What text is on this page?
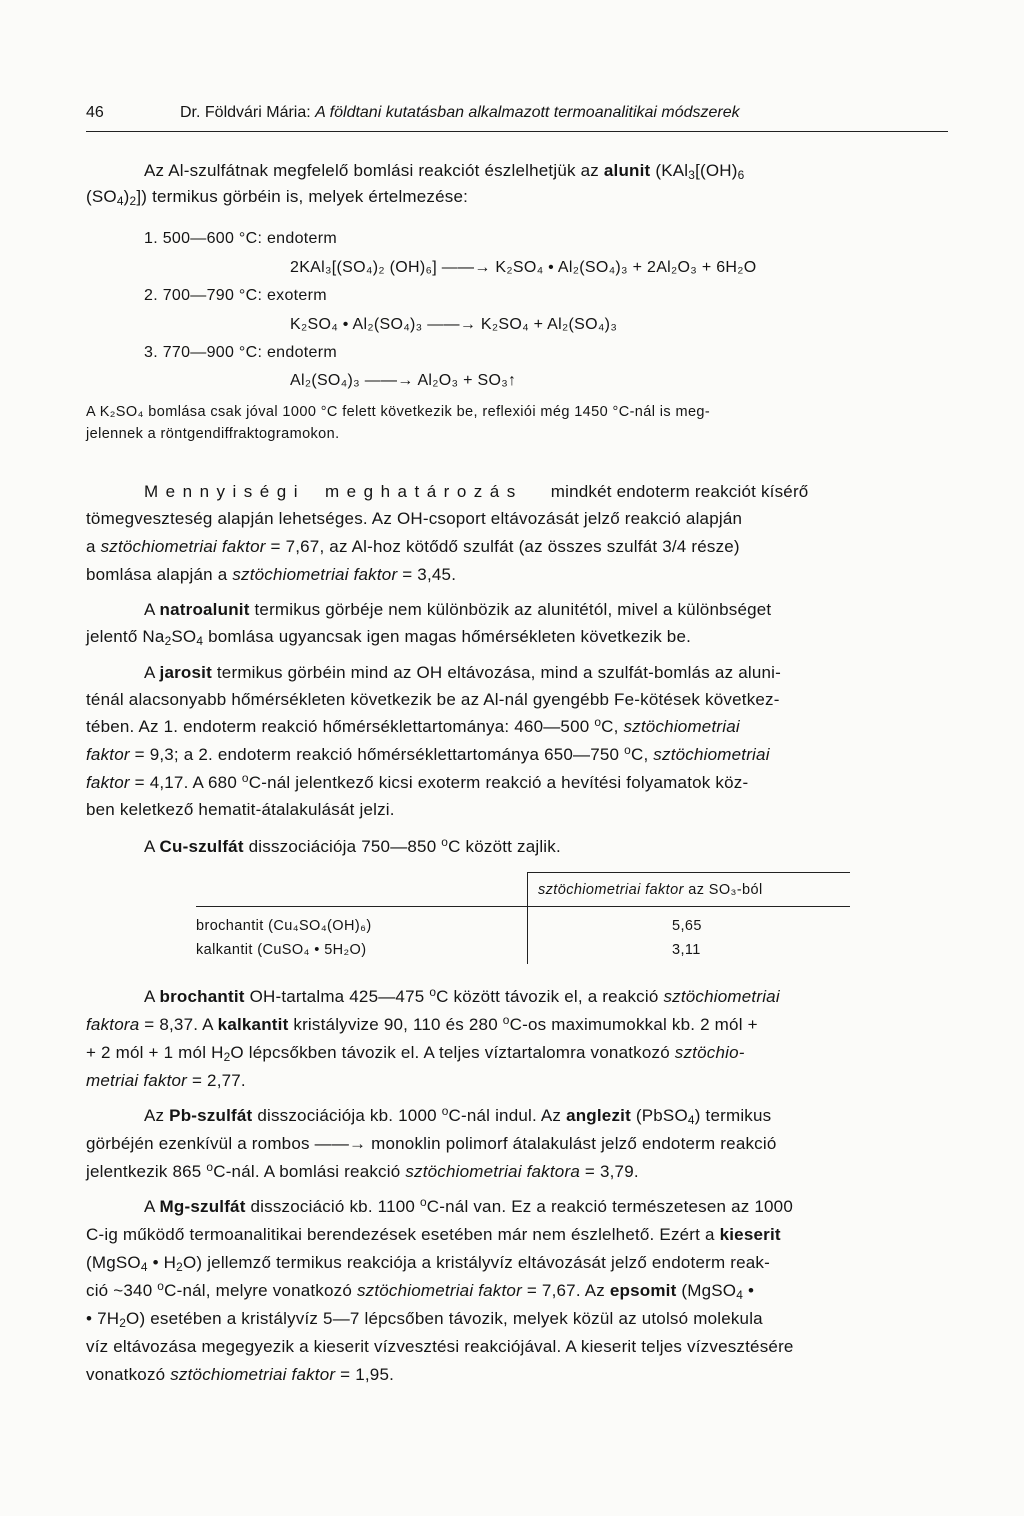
46	Dr. Földvári Mária: A földtani kutatásban alkalmazott termoanalitikai módszerek
Az Al-szulfátnak megfelelő bomlási reakciót észlelhetjük az alunit ($KAl_3[(OH)_6$
$(SO_4)_2$]) termikus görbéin is, melyek értelmezése:
1. 500—600 °C: endoterm
2KAl₃[(SO₄)₂ (OH)₆] ——→ K₂SO₄ • Al₂(SO₄)₃ + 2Al₂O₃ + 6H₂O
2. 700—790 °C: exoterm
K₂SO₄ • Al₂(SO₄)₃ ——→ K₂SO₄ + Al₂(SO₄)₃
3. 770—900 °C: endoterm
Al₂(SO₄)₃ ——→ Al₂O₃ + SO₃↑
A K₂SO₄ bomlása csak jóval 1000 °C felett következik be, reflexiói még 1450 °C-nál is meg-
jelennek a röntgendiffraktogramokon.
Mennyiségi meghatározás mindkét endoterm reakciót kísérő
tömegveszteség alapján lehetséges. Az OH-csoport eltávozását jelző reakció alapján
a sztöchiometriai faktor = 7,67, az Al-hoz kötődő szulfát (az összes szulfát 3/4 része)
bomlása alapján a sztöchiometriai faktor = 3,45.
A natroalunit termikus görbéje nem különbözik az alunitétól, mivel a különbséget
jelentő $Na_2SO_4$ bomlása ugyancsak igen magas hőmérsékleten következik be.
A jarosit termikus görbéin mind az OH eltávozása, mind a szulfát-bomlás az aluni-
ténál alacsonyabb hőmérsékleten következik be az Al-nál gyengébb Fe-kötések következ-
tében. Az 1. endoterm reakció hőmérséklettartománya: 460—500 $^o$C, sztöchiometriai
faktor = 9,3; a 2. endoterm reakció hőmérséklettartománya 650—750 $^o$C, sztöchiometriai
faktor = 4,17. A 680 $^o$C-nál jelentkező kicsi exoterm reakció a hevítési folyamatok köz-
ben keletkező hematit-átalakulását jelzi.
A Cu-szulfát disszociációja 750—850 $^o$C között zajlik.
sztöchiometriai faktor az SO₃-ból
brochantit (Cu₄SO₄(OH)₆)	5,65
kalkantit (CuSO₄ • 5H₂O)	3,11
A brochantit OH-tartalma 425—475 $^o$C között távozik el, a reakció sztöchiometriai
faktora = 8,37. A kalkantit kristályvize 90, 110 és 280 $^o$C-os maximumokkal kb. 2 mól +
+ 2 mól + 1 mól $H_2O$ lépcsőkben távozik el. A teljes víztartalomra vonatkozó sztöchio-
metriai faktor = 2,77.
Az Pb-szulfát disszociációja kb. 1000 $^o$C-nál indul. Az anglezit (PbSO$_4$) termikus
görbéjén ezenkívül a rombos ——→ monoklin polimorf átalakulást jelző endoterm reakció
jelentkezik 865 $^o$C-nál. A bomlási reakció sztöchiometriai faktora = 3,79.
A Mg-szulfát disszociáció kb. 1100 $^o$C-nál van. Ez a reakció természetesen az 1000
C-ig működő termoanalitikai berendezések esetében már nem észlelhető. Ezért a kieserit
(MgSO$_4$ • $H_2O$) jellemző termikus reakciója a kristályvíz eltávozását jelző endoterm reak-
ció ~340 $^o$C-nál, melyre vonatkozó sztöchiometriai faktor = 7,67. Az epsomit (MgSO$_4$ •
• $7H_2O$) esetében a kristályvíz 5—7 lépcsőben távozik, melyek közül az utolsó molekula
víz eltávozása megegyezik a kieserit vízvesztési reakciójával. A kieserit teljes vízvesztésére
vonatkozó sztöchiometriai faktor = 1,95.
